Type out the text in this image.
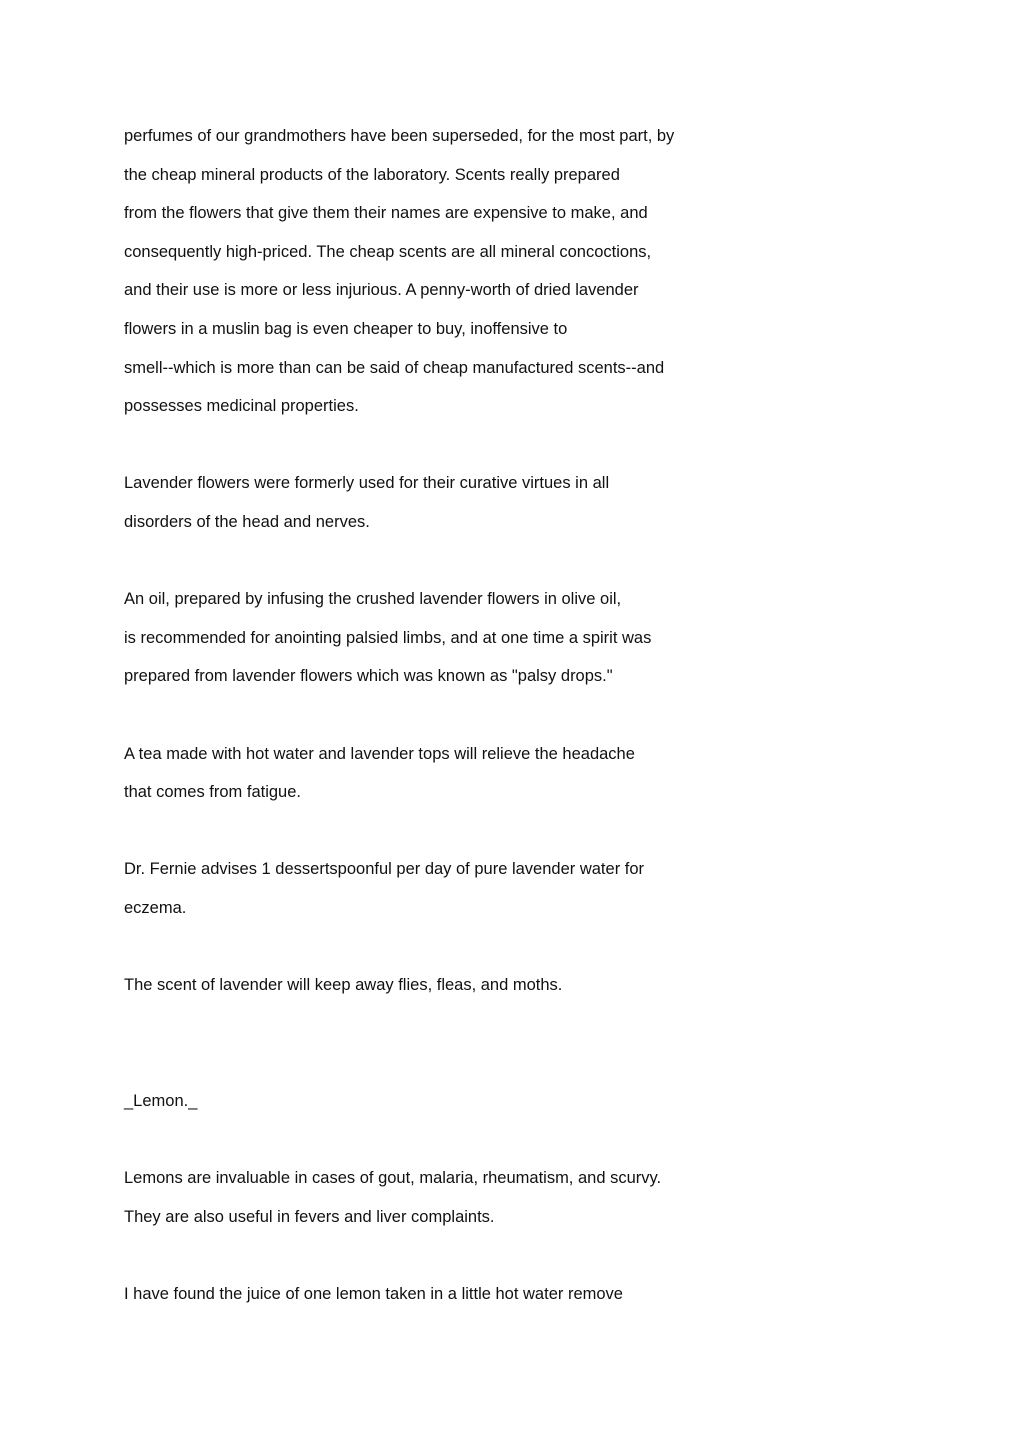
perfumes of our grandmothers have been superseded, for the most part, by
the cheap mineral products of the laboratory. Scents really prepared
from the flowers that give them their names are expensive to make, and
consequently high-priced. The cheap scents are all mineral concoctions,
and their use is more or less injurious. A penny-worth of dried lavender
flowers in a muslin bag is even cheaper to buy, inoffensive to
smell--which is more than can be said of cheap manufactured scents--and
possesses medicinal properties.
Lavender flowers were formerly used for their curative virtues in all
disorders of the head and nerves.
An oil, prepared by infusing the crushed lavender flowers in olive oil,
is recommended for anointing palsied limbs, and at one time a spirit was
prepared from lavender flowers which was known as "palsy drops."
A tea made with hot water and lavender tops will relieve the headache
that comes from fatigue.
Dr. Fernie advises 1 dessertspoonful per day of pure lavender water for
eczema.
The scent of lavender will keep away flies, fleas, and moths.
_Lemon._
Lemons are invaluable in cases of gout, malaria, rheumatism, and scurvy.
They are also useful in fevers and liver complaints.
I have found the juice of one lemon taken in a little hot water remove
